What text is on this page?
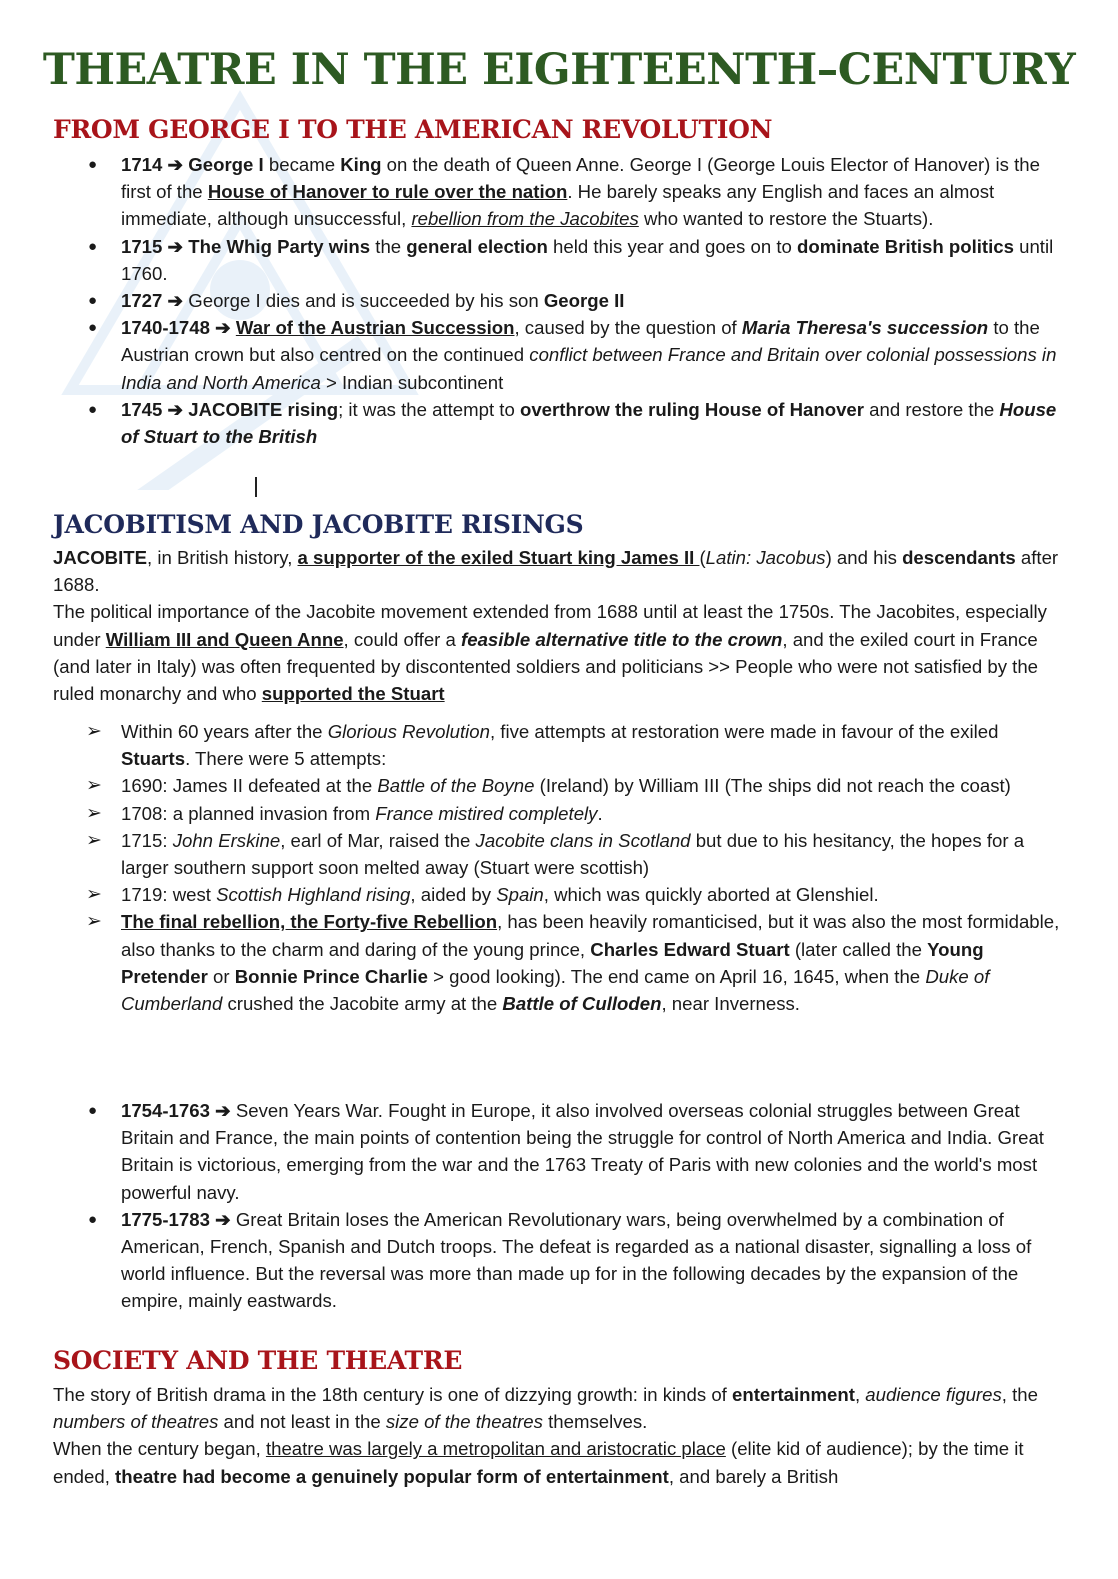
THEATRE IN THE EIGHTEENTH–CENTURY
FROM GEORGE I TO THE AMERICAN REVOLUTION
● 1714 ➔ George I became King on the death of Queen Anne. George I (George Louis Elector of Hanover) is the first of the House of Hanover to rule over the nation. He barely speaks any English and faces an almost immediate, although unsuccessful, rebellion from the Jacobites who wanted to restore the Stuarts).
● 1715 ➔ The Whig Party wins the general election held this year and goes on to dominate British politics until 1760.
● 1727 ➔ George I dies and is succeeded by his son George II
● 1740-1748 ➔ War of the Austrian Succession, caused by the question of Maria Theresa's succession to the Austrian crown but also centred on the continued conflict between France and Britain over colonial possessions in India and North America > Indian subcontinent
● 1745 ➔ JACOBITE rising; it was the attempt to overthrow the ruling House of Hanover and restore the House of Stuart to the British
JACOBITISM AND JACOBITE RISINGS

JACOBITE, in British history, a supporter of the exiled Stuart king James II (Latin: Jacobus) and his descendants after 1688.

The political importance of the Jacobite movement extended from 1688 until at least the 1750s. The Jacobites, especially under William III and Queen Anne, could offer a feasible alternative title to the crown, and the exiled court in France (and later in Italy) was often frequented by discontented soldiers and politicians >> People who were not satisfied by the ruled monarchy and who supported the Stuart

➢ Within 60 years after the Glorious Revolution, five attempts at restoration were made in favour of the exiled Stuarts. There were 5 attempts:
➢ 1690: James II defeated at the Battle of the Boyne (Ireland) by William III (The ships did not reach the coast)
➢ 1708: a planned invasion from France mistired completely.
➢ 1715: John Erskine, earl of Mar, raised the Jacobite clans in Scotland but due to his hesitancy, the hopes for a larger southern support soon melted away (Stuart were scottish)
➢ 1719: west Scottish Highland rising, aided by Spain, which was quickly aborted at Glenshiel.
➢ The final rebellion, the Forty-five Rebellion, has been heavily romanticised, but it was also the most formidable, also thanks to the charm and daring of the young prince, Charles Edward Stuart (later called the Young Pretender or Bonnie Prince Charlie > good looking). The end came on April 16, 1645, when the Duke of Cumberland crushed the Jacobite army at the Battle of Culloden, near Inverness.
● 1754-1763 ➔ Seven Years War. Fought in Europe, it also involved overseas colonial struggles between Great Britain and France, the main points of contention being the struggle for control of North America and India. Great Britain is victorious, emerging from the war and the 1763 Treaty of Paris with new colonies and the world's most powerful navy.
● 1775-1783 ➔ Great Britain loses the American Revolutionary wars, being overwhelmed by a combination of American, French, Spanish and Dutch troops. The defeat is regarded as a national disaster, signalling a loss of world influence. But the reversal was more than made up for in the following decades by the expansion of the empire, mainly eastwards.
SOCIETY AND THE THEATRE

The story of British drama in the 18th century is one of dizzying growth: in kinds of entertainment, audience figures, the numbers of theatres and not least in the size of the theatres themselves.

When the century began, theatre was largely a metropolitan and aristocratic place (elite kid of audience); by the time it ended, theatre had become a genuinely popular form of entertainment, and barely a British
